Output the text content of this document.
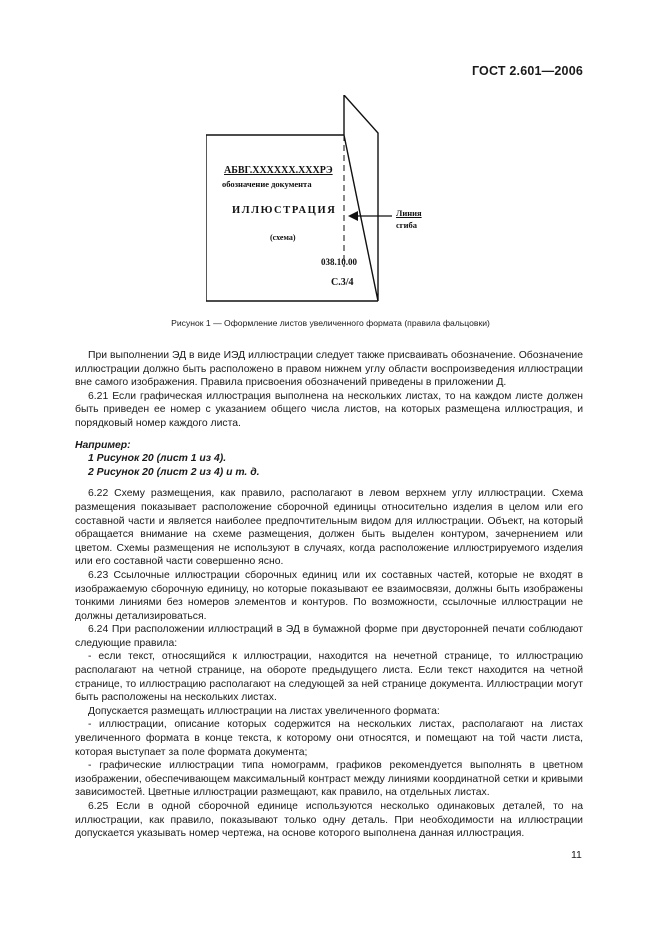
ГОСТ 2.601—2006
АБВГ.XXXXXX.XXXРЭ
обозначение документа
ИЛЛЮСТРАЦИЯ
(схема)
038.10.00
С.3/4
Линия
сгиба
Рисунок 1 — Оформление листов увеличенного формата (правила фальцовки)

При выполнении ЭД в виде ИЭД иллюстрации следует также присваивать обозначение. Обозначение иллюстрации должно быть расположено в правом нижнем углу области воспроизведения иллюстрации вне самого изображения. Правила присвоения обозначений приведены в приложении Д.

6.21 Если графическая иллюстрация выполнена на нескольких листах, то на каждом листе должен быть приведен ее номер с указанием общего числа листов, на которых размещена иллюстрация, и порядковый номер каждого листа.

Например:

1 Рисунок 20 (лист 1 из 4).

2 Рисунок 20 (лист 2 из 4) и т. д.

6.22 Схему размещения, как правило, располагают в левом верхнем углу иллюстрации. Схема размещения показывает расположение сборочной единицы относительно изделия в целом или его составной части и является наиболее предпочтительным видом для иллюстрации. Объект, на который обращается внимание на схеме размещения, должен быть выделен контуром, зачернением или цветом. Схемы размещения не используют в случаях, когда расположение иллюстрируемого изделия или его составной части совершенно ясно.

6.23 Ссылочные иллюстрации сборочных единиц или их составных частей, которые не входят в изображаемую сборочную единицу, но которые показывают ее взаимосвязи, должны быть изображены тонкими линиями без номеров элементов и контуров. По возможности, ссылочные иллюстрации не должны детализироваться.

6.24 При расположении иллюстраций в ЭД в бумажной форме при двусторонней печати соблюдают следующие правила:

- если текст, относящийся к иллюстрации, находится на нечетной странице, то иллюстрацию располагают на четной странице, на обороте предыдущего листа. Если текст находится на четной странице, то иллюстрацию располагают на следующей за ней странице документа. Иллюстрации могут быть расположены на нескольких листах.

Допускается размещать иллюстрации на листах увеличенного формата:

- иллюстрации, описание которых содержится на нескольких листах, располагают на листах увеличенного формата в конце текста, к которому они относятся, и помещают на той части листа, которая выступает за поле формата документа;

- графические иллюстрации типа номограмм, графиков рекомендуется выполнять в цветном изображении, обеспечивающем максимальный контраст между линиями координатной сетки и кривыми зависимостей. Цветные иллюстрации размещают, как правило, на отдельных листах.

6.25 Если в одной сборочной единице используются несколько одинаковых деталей, то на иллюстрации, как правило, показывают только одну деталь. При необходимости на иллюстрации допускается указывать номер чертежа, на основе которого выполнена данная иллюстрация.

11
